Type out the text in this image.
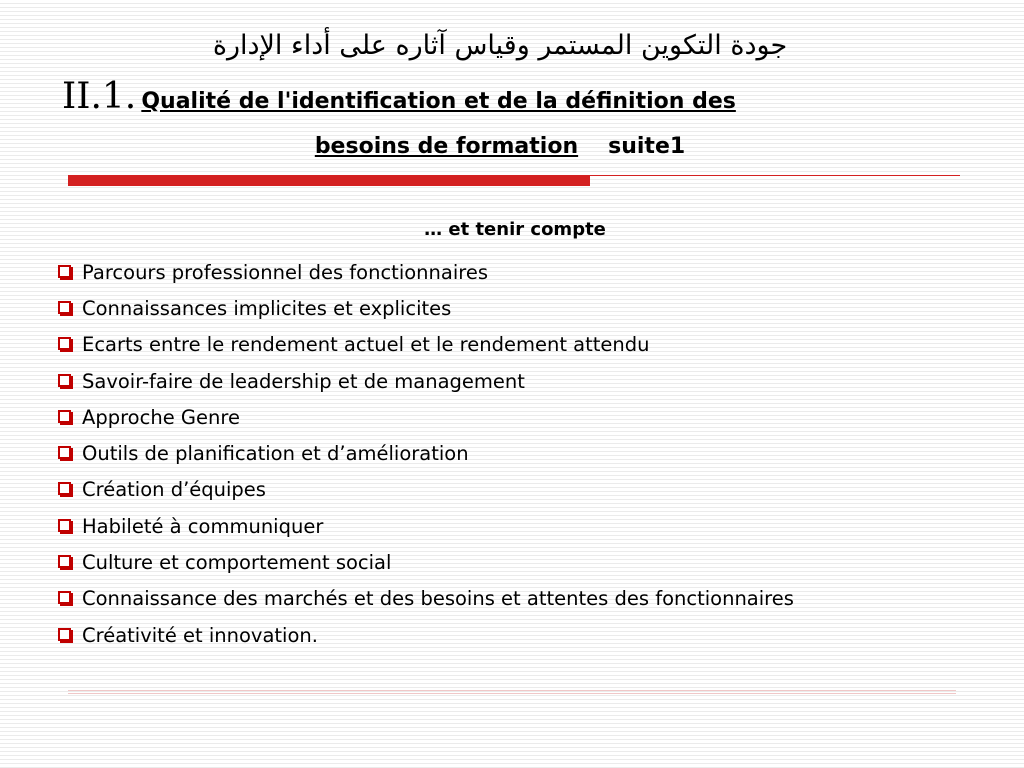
جودة التكوين المستمر وقياس آثاره على أداء الإدارة
II.1. Qualité de l'identification et de la définition des
besoins de formation suite1
… et tenir compte
Parcours professionnel des fonctionnaires
Connaissances implicites et explicites
Ecarts entre le rendement actuel et le rendement attendu
Savoir-faire de leadership et de management
Approche Genre
Outils de planification et d’amélioration
Création d’équipes
Habileté à communiquer
Culture et comportement social
Connaissance des marchés et des besoins et attentes des fonctionnaires
Créativité et innovation.
